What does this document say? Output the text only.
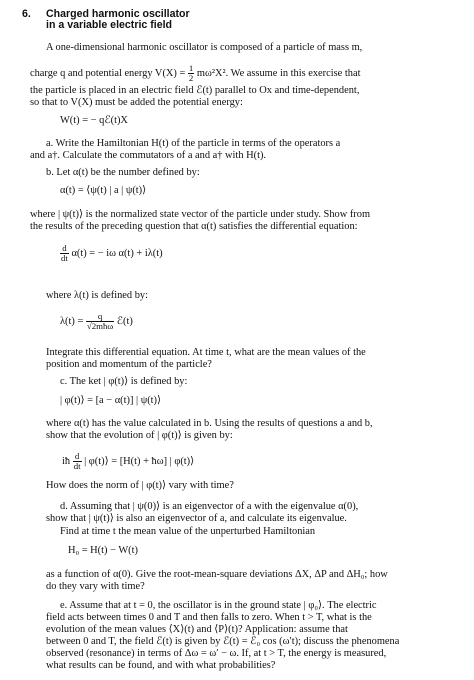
6. Charged harmonic oscillator
in a variable electric field
A one-dimensional harmonic oscillator is composed of a particle of mass m,
charge q and potential energy $V(X) = \frac{1}{2} m\omega^2X^2$. We assume in this exercise that
the particle is placed in an electric field ℰ(t) parallel to Ox and time-dependent,
so that to V(X) must be added the potential energy:
W(t) = − qℰ(t)X
a. Write the Hamiltonian H(t) of the particle in terms of the operators a
and a†. Calculate the commutators of a and a† with H(t).
b. Let α(t) be the number defined by:
α(t) = ⟨ψ(t) | a | ψ(t)⟩
where | ψ(t)⟩ is the normalized state vector of the particle under study. Show from
the results of the preceding question that α(t) satisfies the differential equation:
$\frac{d}{dt} \alpha(t)$ = − iω α(t) + iλ(t)
where λ(t) is defined by:
$\lambda(t) = \frac{q}{\text{√2mħω}}$ ℰ(t)
Integrate this differential equation. At time t, what are the mean values of the
position and momentum of the particle?
c. The ket | φ(t)⟩ is defined by:
| φ(t)⟩ = [a − α(t)] | ψ(t)⟩
where α(t) has the value calculated in b. Using the results of questions a and b,
show that the evolution of | φ(t)⟩ is given by:
iħ $\frac{d}{dt}$ | φ(t)⟩ = [H(t) + ħω] | φ(t)⟩
How does the norm of | φ(t)⟩ vary with time?
d. Assuming that | ψ(0)⟩ is an eigenvector of a with the eigenvalue α(0),
show that | ψ(t)⟩ is also an eigenvector of a, and calculate its eigenvalue.
Find at time t the mean value of the unperturbed Hamiltonian
H₀ = H(t) − W(t)
as a function of α(0). Give the root-mean-square deviations ΔX, ΔP and ΔH₀; how
do they vary with time?
e. Assume that at t = 0, the oscillator is in the ground state | φ₀⟩. The electric
field acts between times 0 and T and then falls to zero. When t > T, what is the
evolution of the mean values ⟨X⟩(t) and ⟨P⟩(t)? Application: assume that
between 0 and T, the field ℰ(t) is given by ℰ(t) = ℰ₀ cos (ω′t); discuss the phenomena
observed (resonance) in terms of Δω = ω′ − ω. If, at t > T, the energy is measured,
what results can be found, and with what probabilities?
